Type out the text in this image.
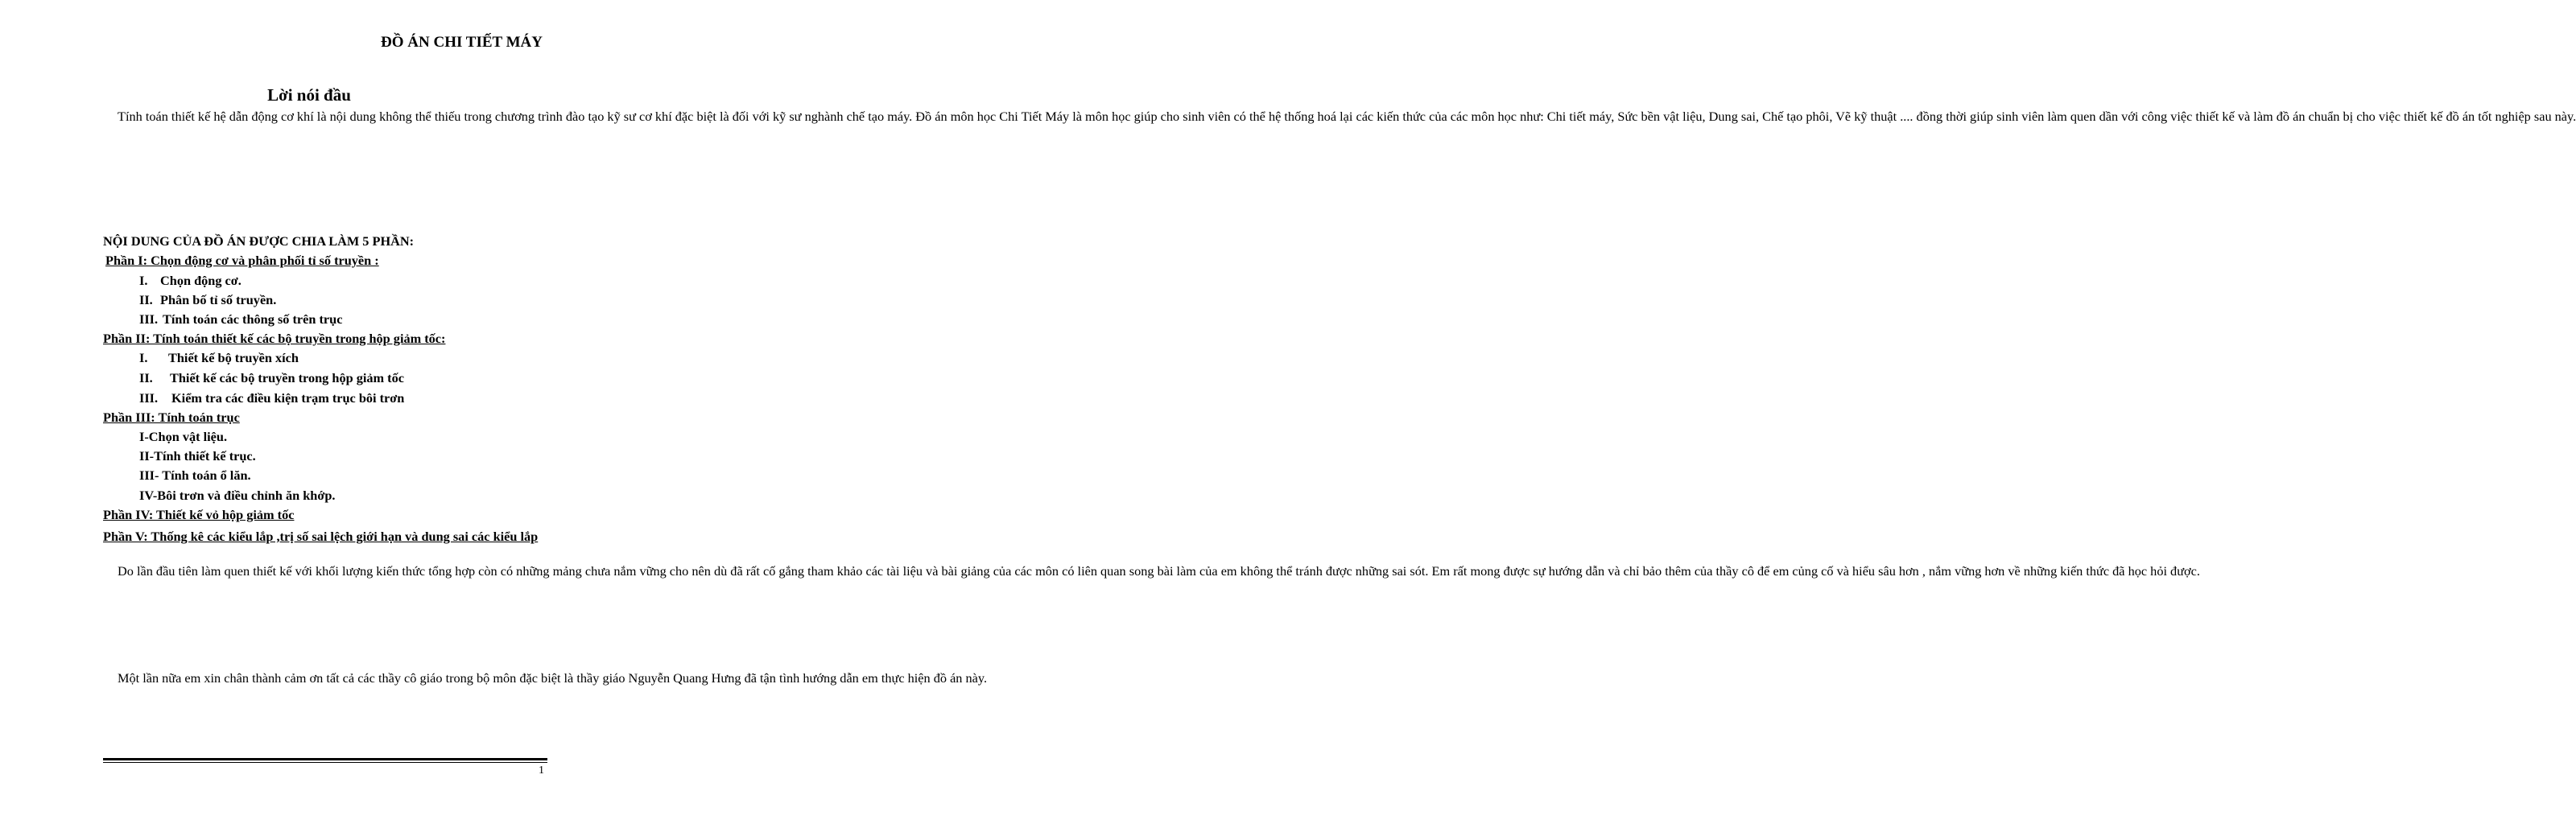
ĐỒ ÁN CHI TIẾT MÁY
Lời nói đầu

Tính toán thiết kế hệ dẫn động cơ khí là nội dung không thể thiếu trong chương trình đào tạo kỹ sư cơ khí đặc biệt là đối với kỹ sư nghành chế tạo máy. Đồ án môn học Chi Tiết Máy là môn học giúp cho sinh viên có thể hệ thống hoá lại các kiến thức của các môn học như: Chi tiết máy, Sức bền vật liệu, Dung sai, Chế tạo phôi, Vẽ kỹ thuật .... đồng thời giúp sinh viên làm quen dần với công việc thiết kế và làm đồ án chuẩn bị cho việc thiết kế đồ án tốt nghiệp sau này.

NỘI DUNG CỦA ĐỒ ÁN ĐƯỢC CHIA LÀM 5 PHẦN:
Phần I: Chọn động cơ và phân phối tỉ số truyền :
I. Chọn động cơ.
II. Phân bố tỉ số truyền.
III. Tính toán các thông số trên trục
Phần II: Tính toán thiết kế các bộ truyền trong hộp giảm tốc:
I. Thiết kế bộ truyền xích
II. Thiết kế các bộ truyền trong hộp giảm tốc
III. Kiểm tra các điều kiện trạm trục bôi trơn
Phần III: Tính toán trục
I-Chọn vật liệu.
II-Tính thiết kế trục.
III- Tính toán ổ lăn.
IV-Bôi trơn và điều chỉnh ăn khớp.
Phần IV: Thiết kế vỏ hộp giảm tốc
Phần V: Thống kê các kiểu lắp ,trị số sai lệch giới hạn và dung sai các kiểu lắp

Do lần đầu tiên làm quen thiết kế với khối lượng kiến thức tổng hợp còn có những mảng chưa nắm vững cho nên dù đã rất cố gắng tham khảo các tài liệu và bài giảng của các môn có liên quan song bài làm của em không thể tránh được những sai sót. Em rất mong được sự hướng dẫn và chỉ bảo thêm của thầy cô để em củng cố và hiểu sâu hơn , nắm vững hơn về những kiến thức đã học hỏi được.

Một lần nữa em xin chân thành cảm ơn tất cả các thầy cô giáo trong bộ môn đặc biệt là thầy giáo Nguyễn Quang Hưng đã tận tình hướng dẫn em thực hiện đồ án này.

1
